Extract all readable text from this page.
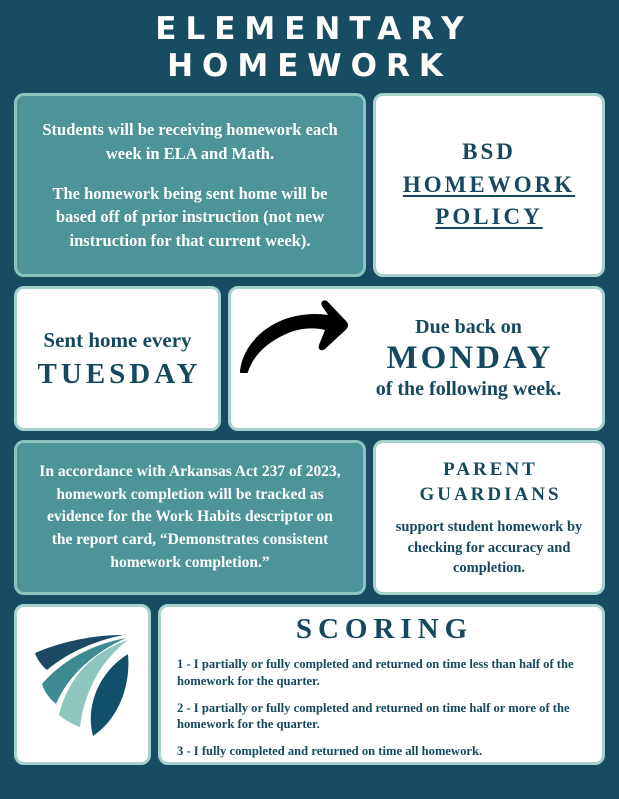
ELEMENTARY HOMEWORK

Students will be receiving homework each week in ELA and Math.

The homework being sent home will be based off of prior instruction (not new instruction for that current week).

BSD
HOMEWORK
POLICY
Sent home every
TUESDAY
Due back on
MONDAY
of the following week.

In accordance with Arkansas Act 237 of 2023, homework completion will be tracked as evidence for the Work Habits descriptor on the report card, “Demonstrates consistent homework completion.”

PARENT
GUARDIANS
support student homework by checking for accuracy and completion.
SCORING
1 - I partially or fully completed and returned on time less than half of the homework for the quarter.
2 - I partially or fully completed and returned on time half or more of the homework for the quarter.
3 - I fully completed and returned on time all homework.
